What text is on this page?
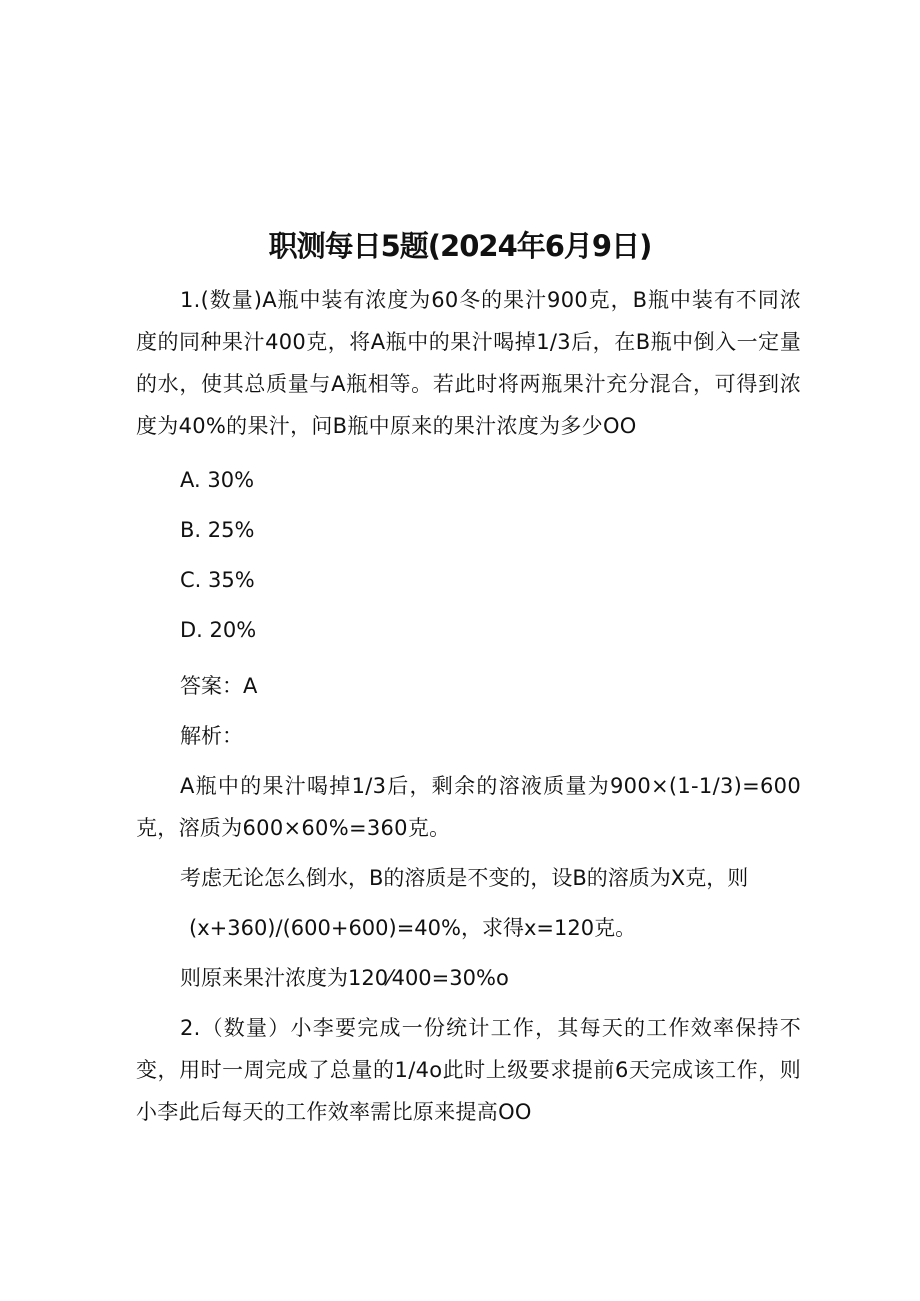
职测每日5题(2024年6月9日)
1.(数量)A瓶中装有浓度为60冬的果汁900克，B瓶中装有不同浓度的同种果汁400克，将A瓶中的果汁喝掉1/3后，在B瓶中倒入一定量的水，使其总质量与A瓶相等。若此时将两瓶果汁充分混合，可得到浓度为40%的果汁，问B瓶中原来的果汁浓度为多少OO
A. 30%
B. 25%
C. 35%
D. 20%
答案：A
解析：
A瓶中的果汁喝掉1/3后，剩余的溶液质量为900×(1-1/3)=600克，溶质为600×60%=360克。
考虑无论怎么倒水，B的溶质是不变的，设B的溶质为X克，则
(x+360)/(600+600)=40%，求得x=120克。
则原来果汁浓度为120⁄400=30%o
2.（数量）小李要完成一份统计工作，其每天的工作效率保持不变，用时一周完成了总量的1/4o此时上级要求提前6天完成该工作，则小李此后每天的工作效率需比原来提高OO
